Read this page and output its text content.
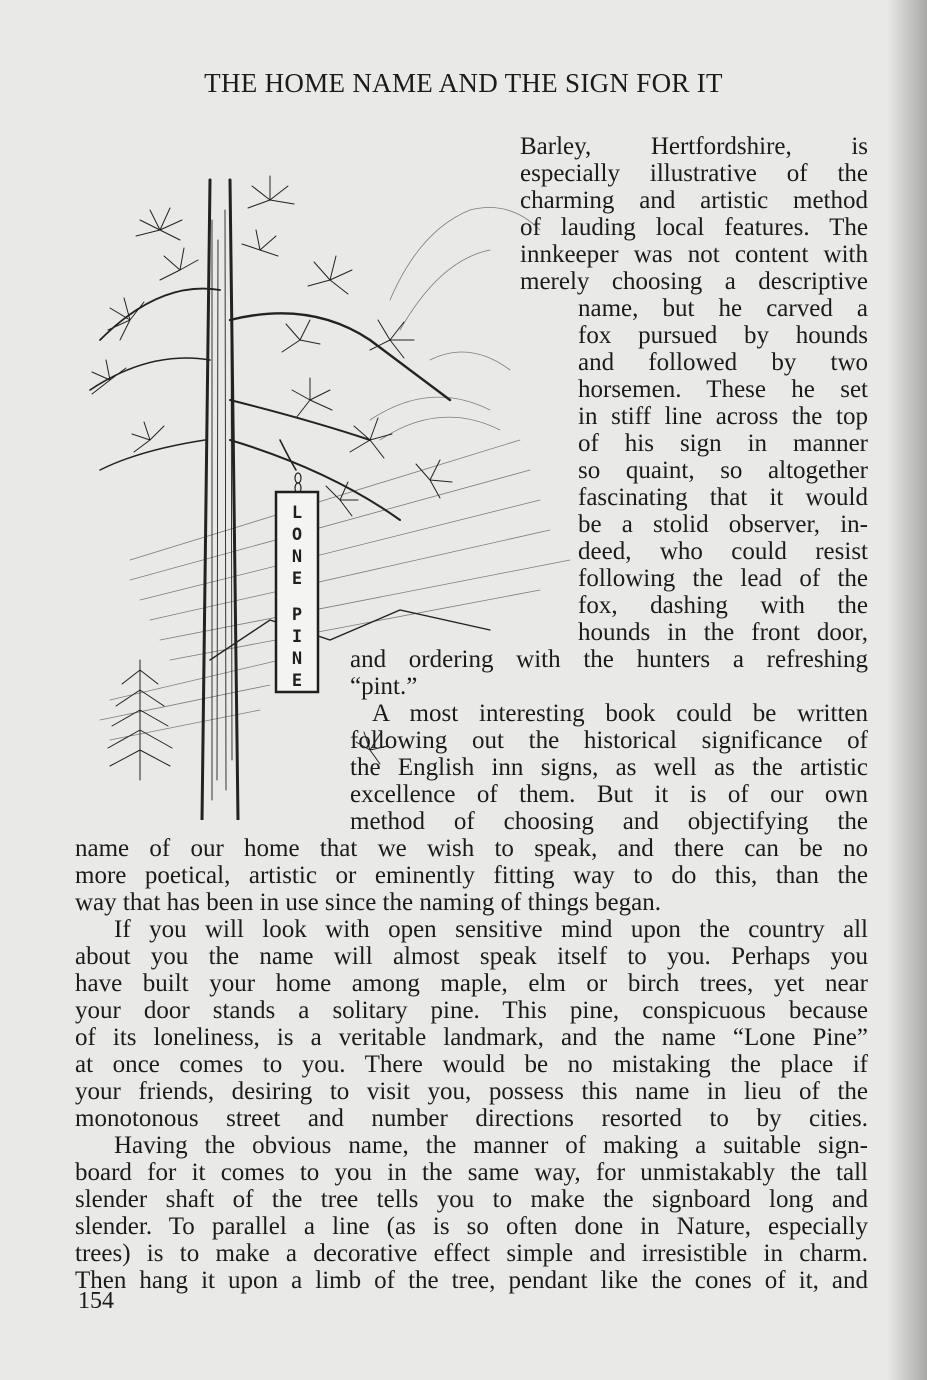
THE HOME NAME AND THE SIGN FOR IT
L
O
N
E
P
I
N
E
Barley, Hertfordshire, is
especially illustrative of the
charming and artistic method
of lauding local features. The
innkeeper was not content with
merely choosing a descriptive
name, but he carved a
fox pursued by hounds
and followed by two
horsemen. These he set
in stiff line across the top
of his sign in manner
so quaint, so altogether
fascinating that it would
be a stolid observer, in-
deed, who could resist
following the lead of the
fox, dashing with the
hounds in the front door,
and ordering with the hunters a refreshing
“pint.”
A most interesting book could be written
following out the historical significance of
the English inn signs, as well as the artistic
excellence of them. But it is of our own
method of choosing and objectifying the
name of our home that we wish to speak, and there can be no
more poetical, artistic or eminently fitting way to do this, than the
way that has been in use since the naming of things began.
If you will look with open sensitive mind upon the country all
about you the name will almost speak itself to you. Perhaps you
have built your home among maple, elm or birch trees, yet near
your door stands a solitary pine. This pine, conspicuous because
of its loneliness, is a veritable landmark, and the name “Lone Pine”
at once comes to you. There would be no mistaking the place if
your friends, desiring to visit you, possess this name in lieu of the
monotonous street and number directions resorted to by cities.
Having the obvious name, the manner of making a suitable sign-
board for it comes to you in the same way, for unmistakably the tall
slender shaft of the tree tells you to make the signboard long and
slender. To parallel a line (as is so often done in Nature, especially
trees) is to make a decorative effect simple and irresistible in charm.
Then hang it upon a limb of the tree, pendant like the cones of it, and
154
